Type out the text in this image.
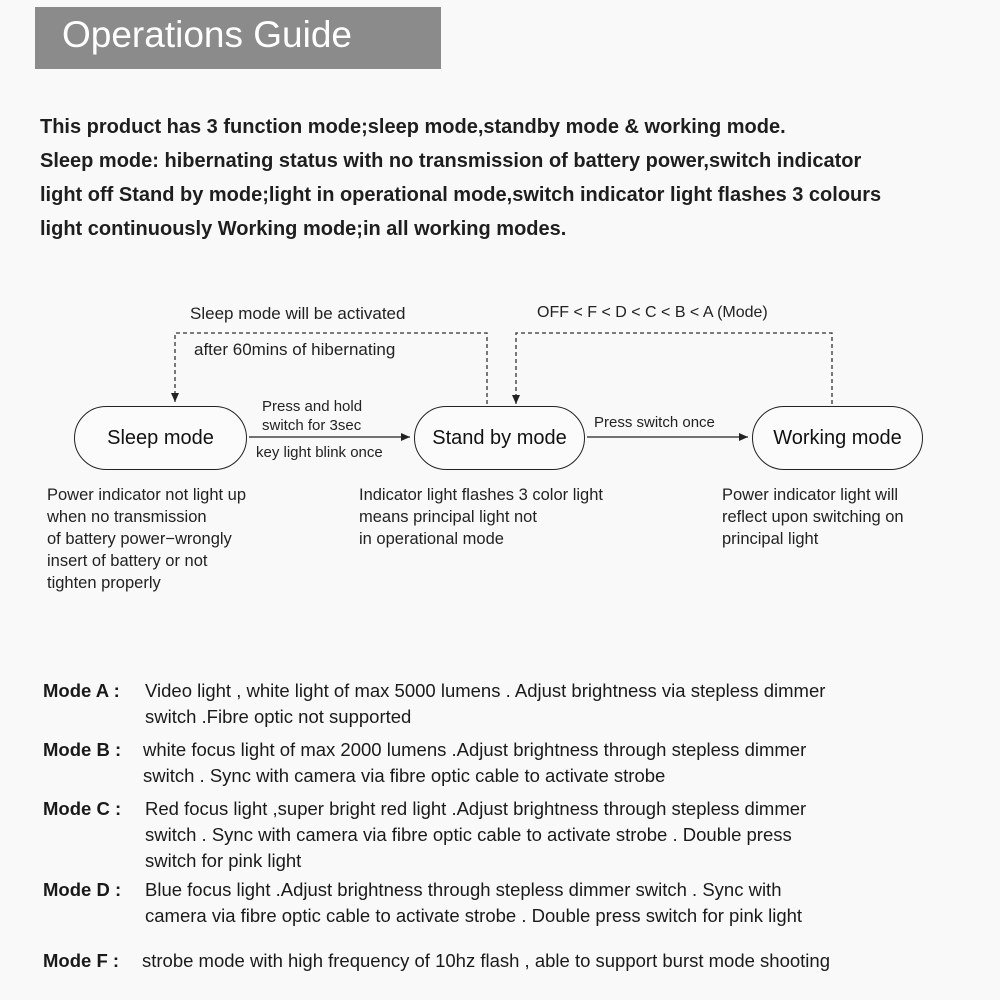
Operations Guide

This product has 3 function mode;sleep mode,standby mode & working mode.
Sleep mode: hibernating status with no transmission of battery power,switch indicator
light off Stand by mode;light in operational mode,switch indicator light flashes 3 colours
light continuously Working mode;in all working modes.

Sleep mode will be activated
after 60mins of hibernating
OFF < F < D < C < B < A (Mode)
Press and hold
switch for 3sec
key light blink once
Press switch once
Sleep mode	Stand by mode	Working mode

Power indicator not light up
when no transmission
of battery power−wrongly
insert of battery or not
tighten properly

Indicator light flashes 3 color light
means principal light not
in operational mode

Power indicator light will
reflect upon switching on
principal light

Mode A : Video light , white light of max 5000 lumens . Adjust brightness via stepless dimmer
switch .Fibre optic not supported
Mode B : white focus light of max 2000 lumens .Adjust brightness through stepless dimmer
switch . Sync with camera via fibre optic cable to activate strobe
Mode C : Red focus light ,super bright red light .Adjust brightness through stepless dimmer
switch . Sync with camera via fibre optic cable to activate strobe . Double press
switch for pink light
Mode D : Blue focus light .Adjust brightness through stepless dimmer switch . Sync with
camera via fibre optic cable to activate strobe . Double press switch for pink light
Mode F : strobe mode with high frequency of 10hz flash , able to support burst mode shooting
